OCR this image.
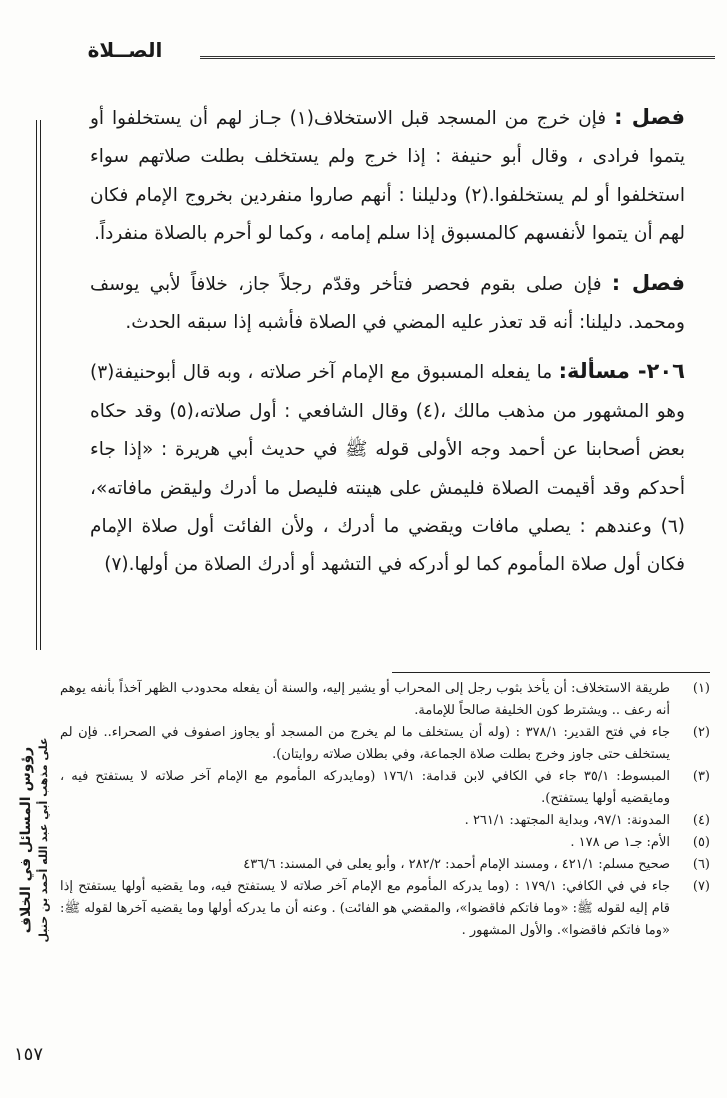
الصــلاة
رؤوس المسائل في الخلاف على مذهب أبي عبد الله أحمد بن حنبل

فصل : فإن خرج من المسجد قبل الاستخلاف(١) جـاز لهم أن يستخلفوا أو يتموا فرادى ، وقال أبو حنيفة : إذا خرج ولم يستخلف بطلت صلاتهم سواء استخلفوا أو لم يستخلفوا.(٢) ودليلنا : أنهم صاروا منفردين بخروج الإمام فكان لهم أن يتموا لأنفسهم كالمسبوق إذا سلم إمامه ، وكما لو أحرم بالصلاة منفرداً.

فصل : فإن صلى بقوم فحصر فتأخر وقدّم رجلاً جاز، خلافاً لأبي يوسف ومحمد. دليلنا: أنه قد تعذر عليه المضي في الصلاة فأشبه إذا سبقه الحدث.

٢٠٦- مسألة: ما يفعله المسبوق مع الإمام آخر صلاته ، وبه قال أبوحنيفة(٣) وهو المشهور من مذهب مالك ،(٤) وقال الشافعي : أول صلاته،(٥) وقد حكاه بعض أصحابنا عن أحمد وجه الأولى قوله ﷺ في حديث أبي هريرة : «إذا جاء أحدكم وقد أقيمت الصلاة فليمش على هينته فليصل ما أدرك وليقض مافاته»،(٦) وعندهم : يصلي مافات ويقضي ما أدرك ، ولأن الفائت أول صلاة الإمام فكان أول صلاة المأموم كما لو أدركه في التشهد أو أدرك الصلاة من أولها.(٧)

(١)
طريقة الاستخلاف: أن يأخذ بثوب رجل إلى المحراب أو يشير إليه، والسنة أن يفعله محدودب الظهر آخذاً بأنفه يوهم أنه رعف .. ويشترط كون الخليفة صالحاً للإمامة.

(٢)
جاء في فتح القدير: ٣٧٨/١ : (وله أن يستخلف ما لم يخرج من المسجد أو يجاوز اصفوف في الصحراء.. فإن لم يستخلف حتى جاوز وخرج بطلت صلاة الجماعة، وفي بطلان صلاته روايتان).

(٣)
المبسوط: ٣٥/١ جاء في الكافي لابن قدامة: ١٧٦/١ (ومايدركه المأموم مع الإمام آخر صلاته لا يستفتح فيه ، ومايقضيه أولها يستفتح).

(٤)
المدونة: ٩٧/١، وبداية المجتهد: ٢٦١/١ .

(٥)
الأم: جـ١ ص ١٧٨ .

(٦)
صحيح مسلم: ٤٢١/١ ، ومسند الإمام أحمد: ٢٨٢/٢ ، وأبو يعلى في المسند: ٤٣٦/٦

(٧)
جاء في في الكافي: ١٧٩/١ : (وما يدركه المأموم مع الإمام آخر صلاته لا يستفتح فيه، وما يقضيه أولها يستفتح إذا قام إليه لقوله ﷺ: «وما فاتكم فاقضوا»، والمقضي هو الفائت) . وعنه أن ما يدركه أولها وما يقضيه آخرها لقوله ﷺ: «وما فاتكم فاقضوا». والأول المشهور .

١٥٧
